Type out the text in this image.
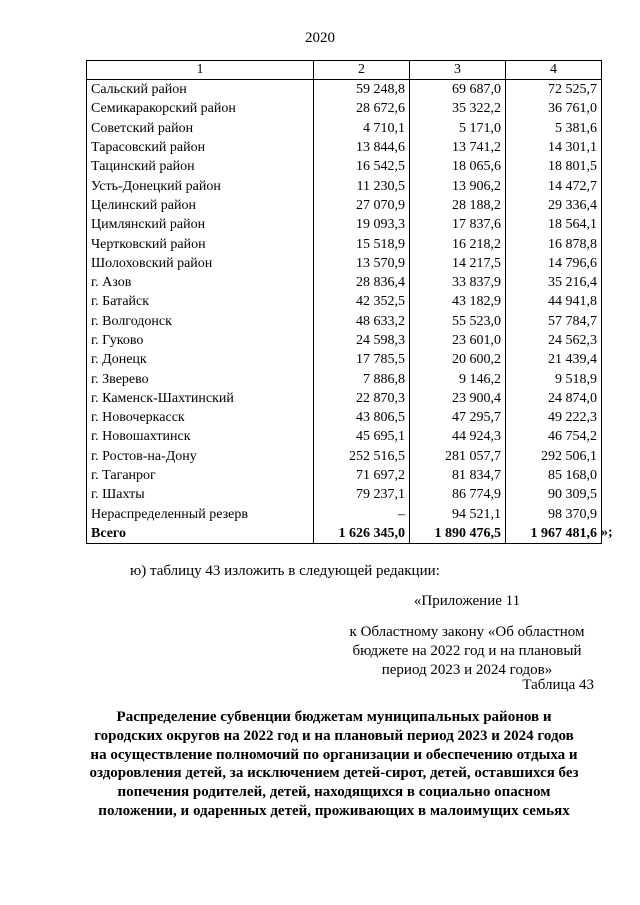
2020
1	2	3	4
Сальский район	59 248,8	69 687,0	72 525,7
Семикаракорский район	28 672,6	35 322,2	36 761,0
Советский район	4 710,1	5 171,0	5 381,6
Тарасовский район	13 844,6	13 741,2	14 301,1
Тацинский район	16 542,5	18 065,6	18 801,5
Усть-Донецкий район	11 230,5	13 906,2	14 472,7
Целинский район	27 070,9	28 188,2	29 336,4
Цимлянский район	19 093,3	17 837,6	18 564,1
Чертковский район	15 518,9	16 218,2	16 878,8
Шолоховский район	13 570,9	14 217,5	14 796,6
г. Азов	28 836,4	33 837,9	35 216,4
г. Батайск	42 352,5	43 182,9	44 941,8
г. Волгодонск	48 633,2	55 523,0	57 784,7
г. Гуково	24 598,3	23 601,0	24 562,3
г. Донецк	17 785,5	20 600,2	21 439,4
г. Зверево	7 886,8	9 146,2	9 518,9
г. Каменск-Шахтинский	22 870,3	23 900,4	24 874,0
г. Новочеркасск	43 806,5	47 295,7	49 222,3
г. Новошахтинск	45 695,1	44 924,3	46 754,2
г. Ростов-на-Дону	252 516,5	281 057,7	292 506,1
г. Таганрог	71 697,2	81 834,7	85 168,0
г. Шахты	79 237,1	86 774,9	90 309,5
Нераспределенный резерв	–	94 521,1	98 370,9
Всего	1 626 345,0	1 890 476,5	1 967 481,6 »;
ю) таблицу 43 изложить в следующей редакции:
«Приложение 11
к Областному закону «Об областном
бюджете на 2022 год и на плановый
период 2023 и 2024 годов»
Таблица 43
Распределение субвенции бюджетам муниципальных районов и
городских округов на 2022 год и на плановый период 2023 и 2024 годов
на осуществление полномочий по организации и обеспечению отдыха и
оздоровления детей, за исключением детей-сирот, детей, оставшихся без
попечения родителей, детей, находящихся в социально опасном
положении, и одаренных детей, проживающих в малоимущих семьях
